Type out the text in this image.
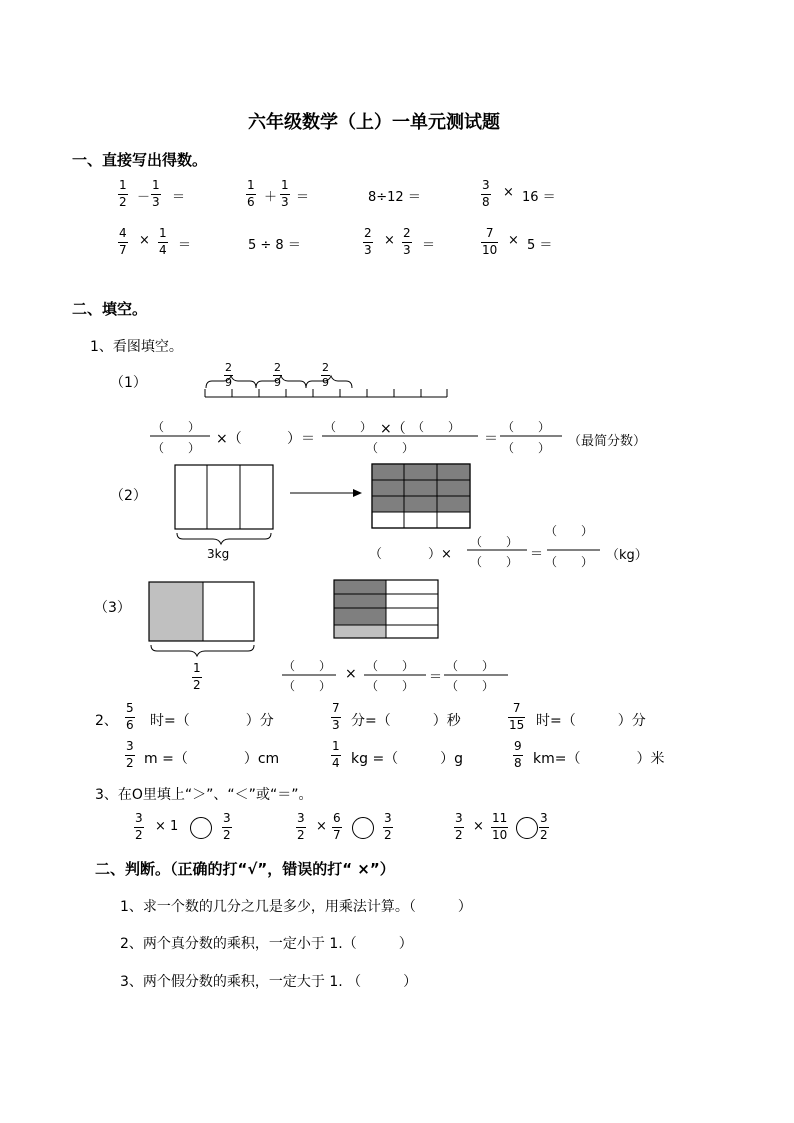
六年级数学（上）一单元测试题
一、直接写出得数。
$\frac{1}{2} - \frac{1}{3}$ ＝	$\frac{1}{6} + \frac{1}{3}$ ＝	8÷12 ＝	$\frac{3}{8} \times 16$ ＝
$\frac{4}{7} \times \frac{1}{4}$ ＝	5 ÷ 8 ＝	$\frac{2}{3} \times \frac{2}{3}$ ＝	$\frac{7}{10} \times 5$ ＝
二、填空。
1、看图填空。
（1）	$\frac{2}{9}$	$\frac{2}{9}$	$\frac{2}{9}$
（　　）
（　　）
×（	）＝
（　　） ×（ （　　）
（　　）
＝
（　　）
（　　） （最简分数）
（2）
3kg	（	）×
（　　）
（　　） ＝
（　　）
（　　） （kg）
（3）
$\frac{1}{2}$	（　　）
（　　）
× （　　）
（　　）
＝
（　　）
（　　）
2、 $\frac{5}{6}$ 时=（　　　　）分	$\frac{7}{3}$ 分=（　　　）秒	$\frac{7}{15}$ 时=（　　　）分
$\frac{3}{2}$ m =（　　　　）cm	$\frac{1}{4}$ kg =（　　　）g	$\frac{9}{8} km=$（　　　　）米
3、在O里填上“＞”、“＜”或“＝”。
$\frac{3}{2} \times 1$	$\frac{3}{2}$	$\frac{3}{2} \times \frac{6}{7}$	$\frac{3}{2}$	$\frac{3}{2} \times \frac{11}{10}$	$\frac{3}{2}$
二、判断。（正确的打“√”，错误的打“ ×”）
1、求一个数的几分之几是多少，用乘法计算。（　　　）
2、两个真分数的乘积，一定小于 1.（　　　）
3、两个假分数的乘积，一定大于 1. （　　　）
